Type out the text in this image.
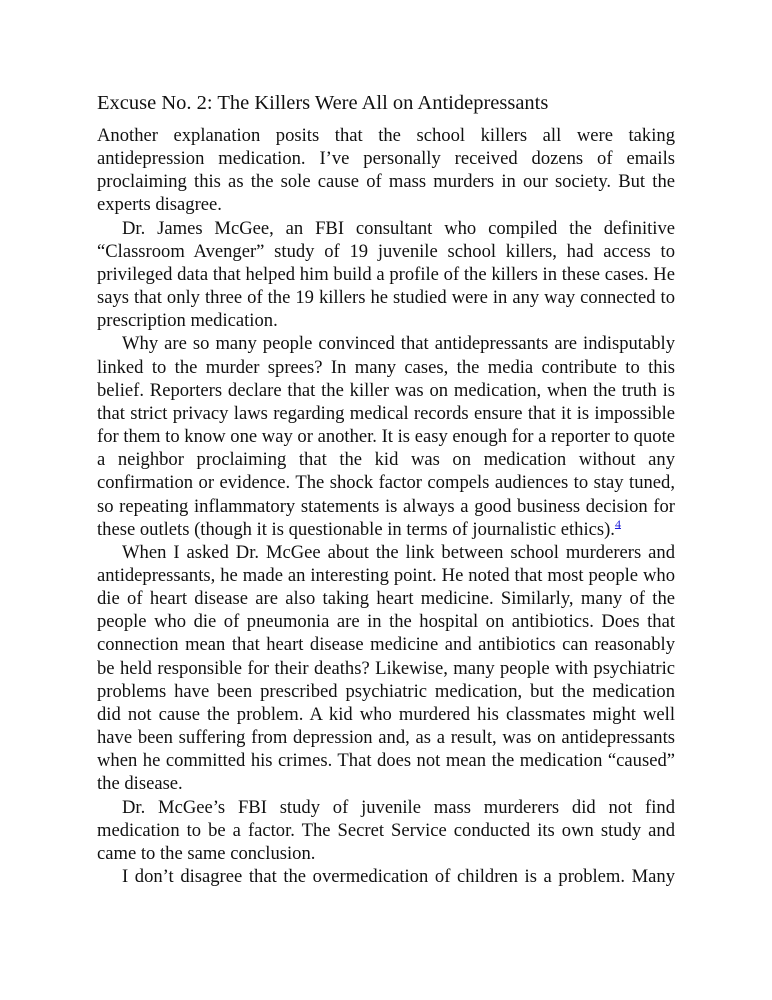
Excuse No. 2: The Killers Were All on Antidepressants

Another explanation posits that the school killers all were taking antidepression medication. I’ve personally received dozens of emails proclaiming this as the sole cause of mass murders in our society. But the experts disagree.

Dr. James McGee, an FBI consultant who compiled the definitive “Classroom Avenger” study of 19 juvenile school killers, had access to privileged data that helped him build a profile of the killers in these cases. He says that only three of the 19 killers he studied were in any way connected to prescription medication.

Why are so many people convinced that antidepressants are indisputably linked to the murder sprees? In many cases, the media contribute to this belief. Reporters declare that the killer was on medication, when the truth is that strict privacy laws regarding medical records ensure that it is impossible for them to know one way or another. It is easy enough for a reporter to quote a neighbor proclaiming that the kid was on medication without any confirmation or evidence. The shock factor compels audiences to stay tuned, so repeating inflammatory statements is always a good business decision for these outlets (though it is questionable in terms of journalistic ethics).$^4$

When I asked Dr. McGee about the link between school murderers and antidepressants, he made an interesting point. He noted that most people who die of heart disease are also taking heart medicine. Similarly, many of the people who die of pneumonia are in the hospital on antibiotics. Does that connection mean that heart disease medicine and antibiotics can reasonably be held responsible for their deaths? Likewise, many people with psychiatric problems have been prescribed psychiatric medication, but the medication did not cause the problem. A kid who murdered his classmates might well have been suffering from depression and, as a result, was on antidepressants when he committed his crimes. That does not mean the medication “caused” the disease.

Dr. McGee’s FBI study of juvenile mass murderers did not find medication to be a factor. The Secret Service conducted its own study and came to the same conclusion.

I don’t disagree that the overmedication of children is a problem. Many
